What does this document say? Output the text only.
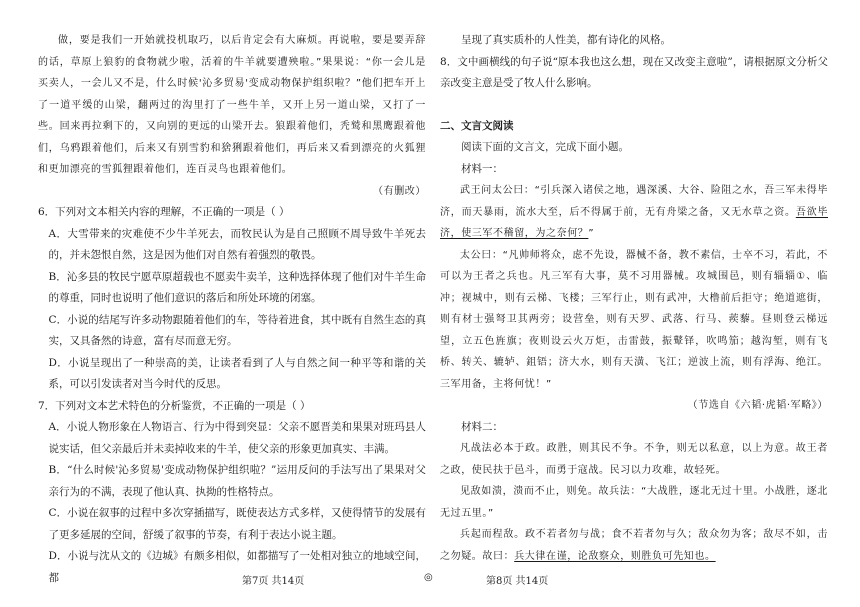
做，要是我们一开始就投机取巧，以后肯定会有大麻烦。再说啦，要是要弄辞的话，草原上狼豹的食物就少啦，活着的牛羊就要遭殃啦。”果果说：“你一会儿是买卖人，一会儿又不是，什么时候'沁多贸易'变成动物保护组织啦？”他们把车开上了一道平缓的山梁，翻两过的沟里打了一些牛羊，又开上另一道山梁，又打了一些。回来再拉剩下的，又向别的更远的山梁开去。狼跟着他们，秃鹫和黑鹰跟着他们，乌鸦跟着他们，后来又有别雪豹和猞猁跟着他们，再后来又看到漂亮的火狐狸和更加漂亮的雪狐狸跟着他们，连百灵鸟也跟着他们。

（有删改）

6．下列对文本相关内容的理解，不正确的一项是（ ）

A．大雪带来的灾难使不少牛羊死去，而牧民认为是自己照顾不周导致牛羊死去的，并未怨恨自然，这是因为他们对自然有着强烈的敬畏。

B．沁多县的牧民宁愿草原超载也不愿卖牛卖羊，这种选择体现了他们对牛羊生命的尊重，同时也说明了他们意识的落后和所处环境的闭塞。

C．小说的结尾写许多动物跟随着他们的车，等待着进食，其中既有自然生态的真实，又具备然的诗意，富有尽而意无穷。

D．小说呈现出了一种崇高的美，让读者看到了人与自然之间一种平等和谐的关系，可以引发读者对当今时代的反思。

7．下列对文本艺术特色的分析鉴赏，不正确的一项是（ ）

A．小说人物形象在人物语言、行为中得到突显：父亲不愿晋美和果果对班玛县人说实话，但父亲最后并未卖掉收来的牛羊，使父亲的形象更加真实、丰满。

B．“什么时候'沁多贸易'变成动物保护组织啦？”运用反问的手法写出了果果对父亲行为的不满，表现了他认真、执拗的性格特点。

C．小说在叙事的过程中多次穿插描写，既使表达方式多样，又使得情节的发展有了更多延展的空间，舒缓了叙事的节奏，有利于表达小说主题。

D．小说与沈从文的《边城》有颇多相似，如都描写了一处相对独立的地域空间，都

呈现了真实质朴的人性美，都有诗化的风格。

8．文中画横线的句子说“原本我也这么想，现在又改变主意啦”，请根据原文分析父亲改变主意是受了牧人什么影响。

二、文言文阅读

阅读下面的文言文，完成下面小题。

材料一：

武王问太公曰：“引兵深入诸侯之地，遇深溪、大谷、险阻之水，吾三军未得毕济，而天暴雨，流水大至，后不得属于前，无有舟梁之备，又无水草之资。吾欲毕济，使三军不稽留，为之奈何？”

太公曰：“凡帅师将众，虑不先设，器械不备，教不素信，士卒不习，若此，不可以为王者之兵也。凡三军有大事，莫不习用器械。攻城围邑，则有辎辎①、临冲；视城中，则有云梯、飞楼；三军行止，则有武冲，大橹前后拒守；绝道遮街，则有材士强弩卫其两旁；设营垒，则有天罗、武落、行马、蒺藜。昼则登云梯远望，立五色旌旗；夜则设云火万炬，击雷鼓，振鼙铎，吹鸣笳；越沟堑，则有飞桥、转关、辘轳、鉏铻；济大水，则有天潢、飞江；逆波上流，则有浮海、绝江。三军用备，主将何忧！”

（节选自《六韬·虎韬·军略》）

材料二：

凡战法必本于政。政胜，则其民不争。不争，则无以私意，以上为意。故王者之政，使民扶于邑斗，而勇于寇战。民习以力攻难，故轻死。

见敌如溃，溃而不止，则免。故兵法：“大战胜，逐北无过十里。小战胜，逐北无过五里。”

兵起而程敌。政不若者勿与战；食不若者勿与久；敌众勿为客；敌尽不如，击之勿疑。故曰：兵大律在谨，论敌察众，则胜负可先知也。

第7页 共14页	◎	第8页 共14页
